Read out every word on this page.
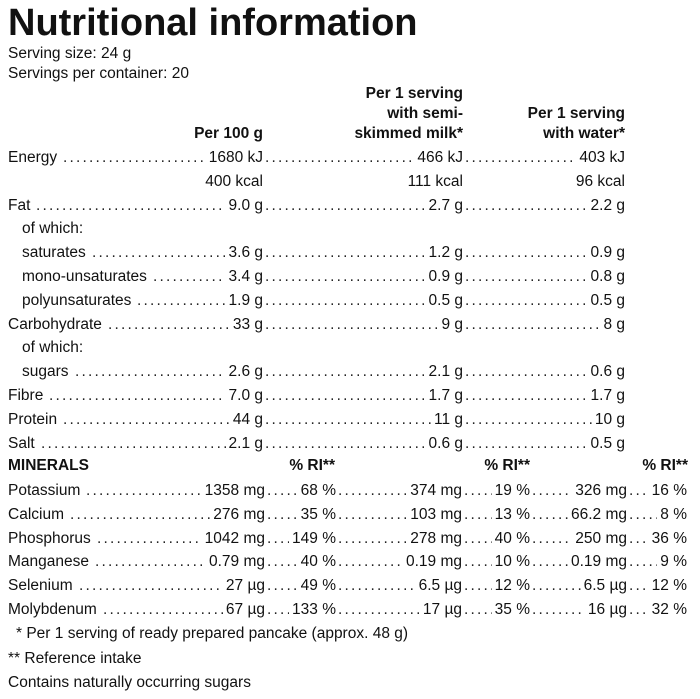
Nutritional information
Serving size: 24 g
Servings per container: 20
Per 100 g
Per 1 serving
with semi-
skimmed milk*
Per 1 serving
with water*
Energy .....	1680 kJ .....	466 kJ .....	403 kJ
400 kcal	111 kcal	96 kcal
Fat .....	9.0 g .....	2.7 g .....	2.2 g
of which:
saturates .....	3.6 g .....	1.2 g .....	0.9 g
mono-unsaturates .....	3.4 g .....	0.9 g .....	0.8 g
polyunsaturates .....	1.9 g .....	0.5 g .....	0.5 g
Carbohydrate .....	33 g .....	9 g .....	8 g
of which:
sugars .....	2.6 g .....	2.1 g .....	0.6 g
Fibre .....	7.0 g .....	1.7 g .....	1.7 g
Protein .....	44 g .....	11 g .....	10 g
Salt .....	2.1 g .....	0.6 g .....	0.5 g
MINERALS	% RI**	% RI**	% RI**
Potassium .....	1358 mg ..... 68 % .....	374 mg ..... 19 % .....	326 mg ..... 16 %
Calcium .....	276 mg ..... 35 % .....	103 mg ..... 13 % .....	66.2 mg ..... 8 %
Phosphorus .....	1042 mg ..... 149 % .....	278 mg ..... 40 % .....	250 mg ..... 36 %
Manganese .....	0.79 mg ..... 40 % .....	0.19 mg ..... 10 % .....	0.19 mg ..... 9 %
Selenium .....	27 µg ..... 49 % .....	6.5 µg ..... 12 % .....	6.5 µg ..... 12 %
Molybdenum .....	67 µg ..... 133 % .....	17 µg ..... 35 % .....	16 µg ..... 32 %
* Per 1 serving of ready prepared pancake (approx. 48 g)
** Reference intake
Contains naturally occurring sugars
